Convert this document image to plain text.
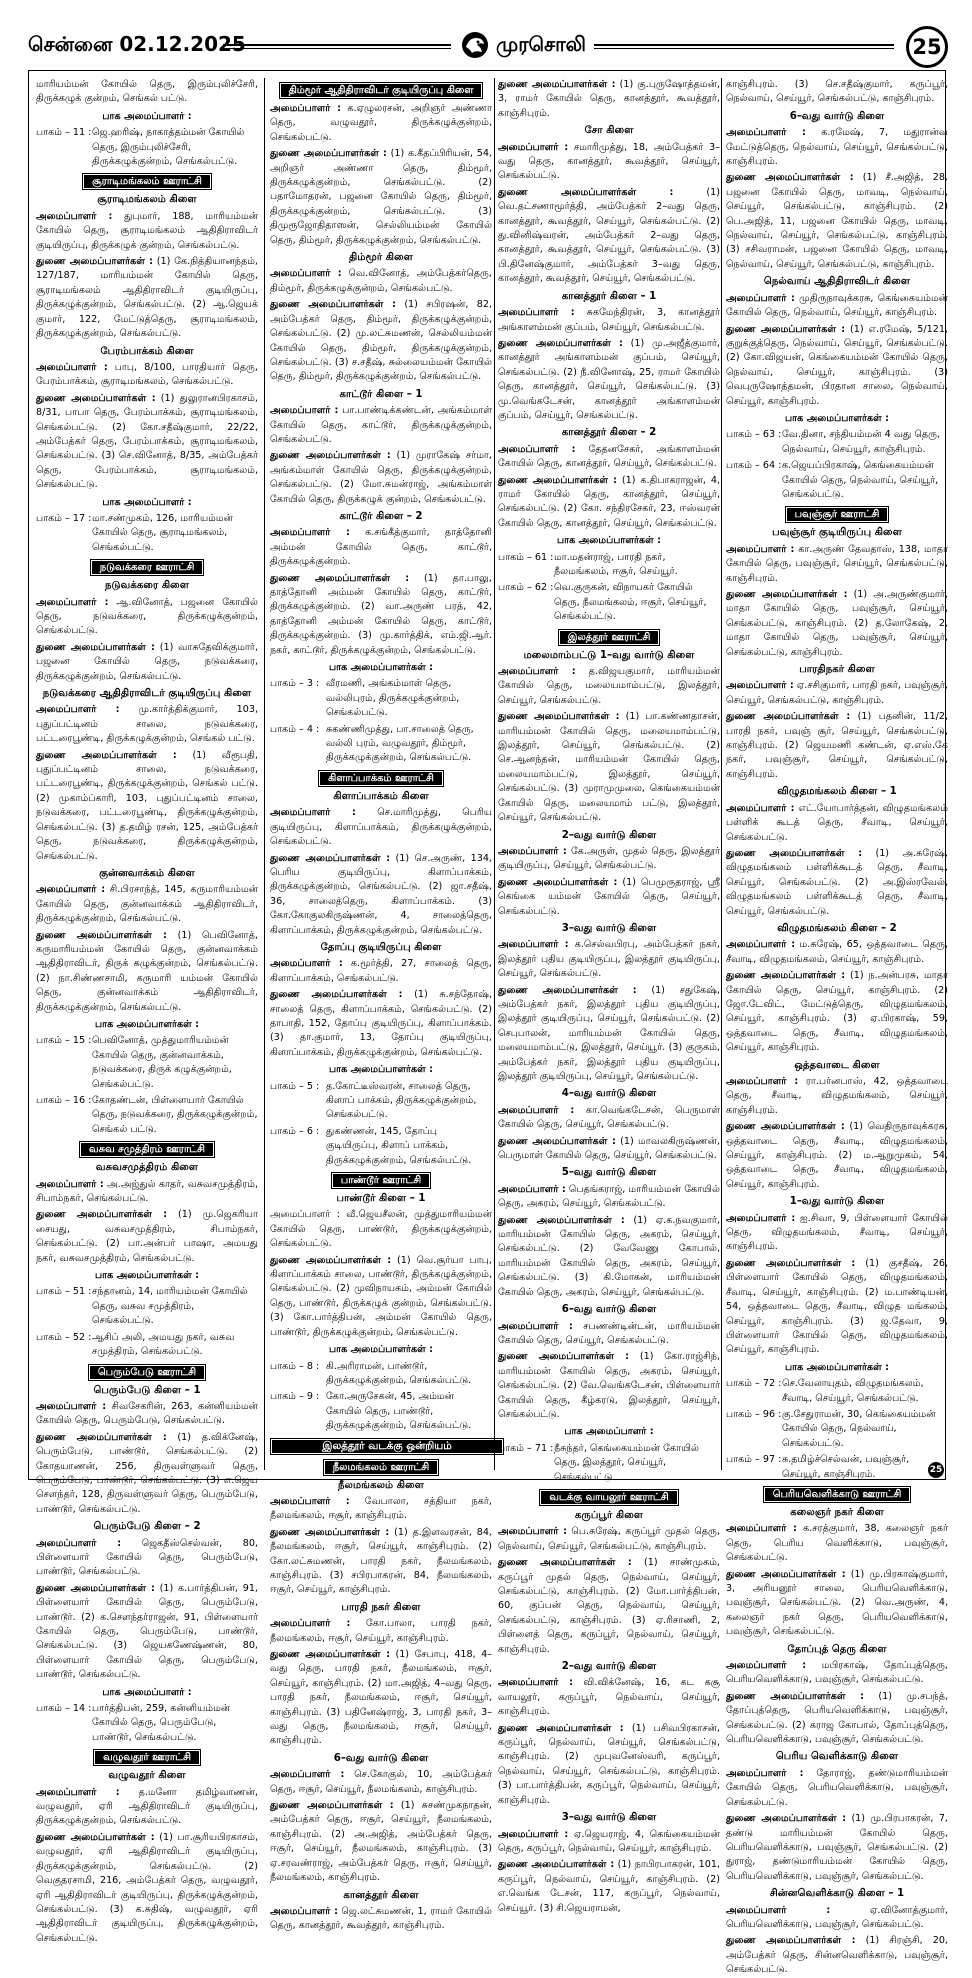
சென்னை 02.12.2025	முரசொலி	25
மாரியம்மன் கோயில் தெரு, இரும்புலிச்சேரி, திருக்கழுக் குன்றம், செங்கல் பட்டு.
பாக அமைப்பாளர் :
பாகம் – 11 : ஜெ.ஹரிஷ், நாகாத்தம்மன் கோயில் தெரு, இரும்புலிச்சேரி, திருக்கழுக்குன்றம், செங்கல்பட்டு.
சூராடிமங்கலம் ஊராட்சி
சூராடிமங்கலம் கிளை
அமைப்பாளர் : துபுமார், 188, மாரியம்மன் கோயில் தெரு, சூராடிமங்கலம் ஆதிதிராவிடர் குடியிருப்பு, திருக்கழுக் குன்றம், செங்கல்பட்டு.
துணை அமைப்பாளர்கள் : (1) கே.நித்தியானந்தம், 127/187, மாரியம்மன் கோயில் தெரு, சூராடிமங்கலம் ஆதிதிராவிடர் குடியிருப்பு, திருக்கழுக்குன்றம், செங்கல்பட்டு. (2) ஆ.ஜெயக் குமார், 122, மேட்டுத்தெரு, சூராடிமங்கலம், திருக்கழுக்குன்றம், செங்கல்பட்டு.
பேரம்பாக்கம் கிளை
அமைப்பாளர் : பாபு, 8/100, பாரதியார் தெரு, பேரம்பாக்கம், சூராடிமங்கலம், செங்கல்பட்டு.
துணை அமைப்பாளர்கள் : (1) துலுரானபிரகாசம், 8/31, பாபா தெரு, பேரம்பாக்கம், சூராடிமங்கலம், செங்கல்பட்டு. (2) கோ.சதீஷ்குமார், 22/22, அம்பேத்கர் தெரு, பேரம்பாக்கம், சூராடிமங்கலம், செங்கல்பட்டு. (3) செ.வினோத், 8/35, அம்பேத்கர் தெரு, பேரம்பாக்கம், சூராடிமங்கலம், செங்கல்பட்டு.
பாக அமைப்பாளர் :
பாகம் – 17 : மா.சண்முகம், 126, மாரியம்மன் கோயில் தெரு, சூராடிமங்கலம், செங்கல்பட்டு.
நடுவக்கரை ஊராட்சி
நடுவக்கரை கிளை
அமைப்பாளர் : ஆ.வினோத், பஜனை கோயில் தெரு, நடுவக்கரை, திருக்கழுக்குன்றம், செங்கல்பட்டு.
துணை அமைப்பாளர்கள் : (1) வாசுதேவிக்குமார், பஜனை கோயில் தெரு, நடுவக்கரை, திருக்கழுக்குன்றம், செங்கல்பட்டு.
நடுவக்கரை ஆதிதிராவிடர் குடியிருப்பு கிளை
அமைப்பாளர் : மு.கார்த்திக்குமார், 103, புதுப்பட்டினம் சாலை, நடுவக்கரை, பட்டரைபூண்டி, திருக்கழுக்குன்றம், செங்கல் பட்டு.
துணை அமைப்பாளர்கள் : (1) வீரூபதி, புதுப்பட்டினம் சாலை, நடுவக்கரை, பட்டரைபூண்டி, திருக்கழுக்குன்றம், செங்கல் பட்டு. (2) முகாம்ப்காரி, 103, புதுப்பட்டினம் சாலை, நடுவக்கரை, பட்டரைபூண்டி, திருக்கழுக்குன்றம், செங்கல்பட்டு. (3) த.தமிழ் ரசன், 125, அம்பேத்கர் தெரு, நடுவக்கரை, திருக்கழுக்குன்றம், செங்கல்பட்டு.
குன்னவாக்கம் கிளை
அமைப்பாளர் : சி.பிரசாந்த், 145, கருமாரியம்மன் கோயில் தெரு, குன்னவாக்கம் ஆதிதிராவிடர், திருக்கழுக்குன்றம், செங்கல்பட்டு.
துணை அமைப்பாளர்கள் : (1) பெவினோத், கருமாரியம்மன் கோயில் தெரு, குன்னவாக்கம் ஆதிதிராவிடர், திருக் கழுக்குன்றம், செங்கல்பட்டு. (2) நா.சிண்ணசாமி, கருமாரி யம்மன் கோயில் தெரு, குன்னவாக்கம் ஆதிதிராவிடர், திருக்கழுக்குன்றம், செங்கல்பட்டு.
பாக அமைப்பாளர்கள் :
பாகம் – 15 : பெவினோத், முத்துமாரியம்மன் கோயில் தெரு, குன்னவாக்கம், நடுவக்கரை, திருக் கழுக்குன்றம், செங்கல்பட்டு.
பாகம் – 16 : கோதண்டன், பிள்ளையார் கோயில் தெரு, நடுவக்கரை, திருக்கழுக்குன்றம், செங்கல் பட்டு.
வசுவ சமுத்திரம் ஊராட்சி
வசுவசமுத்திரம் கிளை
அமைப்பாளர் : அ.அஜ்துல் காதர், வசுவசமுத்திரம், சிபாம்நகர், செங்கல்பட்டு.
துணை அமைப்பாளர்கள் : (1) மு.ஜெகரியா சையது, வசுவசமுத்திரம், சிபாம்நகர், செங்கல்பட்டு. (2) பா.அன்பர் பாஷா, அமயது நகர், வசுவசமுத்திரம், செங்கல்பட்டு.
பாக அமைப்பாளர்கள் :
பாகம் – 51 : சந்தானம், 14, மாரியம்மன் கோயில் தெரு, வசுவ சமுத்திரம், செங்கல்பட்டு.
பாகம் – 52 : ஆசிப் அலி, அமயது நகர், வசுவ சமுத்திரம், செங்கல்பட்டு.
பெரும்பேடு ஊராட்சி
பெரும்பேடு கிளை – 1
அமைப்பாளர் : சிவசேகரின், 263, கன்னியம்மன் கோயில் தெரு, பெரும்பேடு, செங்கல்பட்டு.
துணை அமைப்பாளர்கள் : (1) த.விக்னேஷ், பெரும்பேடு, பாண்டூர், செங்கல்பட்டு. (2) கோதயாணன், 256, திருவள்ளுவர் தெரு, பெரும்பேடு, பாண்டூர், செங்கல்பட்டு. (3) எ.ஜெய சௌந்தர், 128, திருவள்ளுவர் தெரு, பெரும்பேடு, பாண்டூர், செங்கல்பட்டு.
பெரும்பேடு கிளை – 2
அமைப்பாளர் : ஜெகதீஸ்செல்வன், 80, பிள்ளையார் கோயில் தெரு, பெரும்பேடு, பாண்டூர், செங்கல்பட்டு.
துணை அமைப்பாளர்கள் : (1) க.பார்த்திபன், 91, பிள்ளையார் கோயில் தெரு, பெரும்பேடு, பாண்டூர். (2) க.சௌந்தர்ராஜன், 91, பிள்ளையார் கோயில் தெரு, பெரும்பேடு, பாண்டூர், செங்கல்பட்டு. (3) ஜெயகணேஷ்ணன், 80, பிள்ளையார் கோயில் தெரு, பெரும்பேடு, பாண்டூர், செங்கல்பட்டு.
பாக அமைப்பாளர் :
பாகம் – 14 : பார்த்திபன், 259, கன்னியம்மன் கோயில் தெரு, பெரும்பேடு, பாண்டூர், செங்கல்பட்டு.
வழுவதூர் ஊராட்சி
வழுவதூர் கிளை
அமைப்பாளர் : த.மனோ தமிழ்வாணன், வழுவதூர், ஏரி ஆதிதிராவிடர் குடியிருப்பு, திருக்கழுக்குன்றம், செங்கல்பட்டு.
துணை அமைப்பாளர்கள் : (1) பா.சூரியபிரகாசம், வழுவதூர், ஏரி ஆதிதிராவிடர் குடியிருப்பு, திருக்கழுக்குன்றம், செங்கல்பட்டு. (2) வெகுதரசாமி, 216, அம்பேத்கர் தெரு, வழுவதூர், ஏரி ஆதிதிராவிடர் குடியிருப்பு, திருக்கழுக்குன்றம், செங்கல்பட்டு. (3) க.சுதிஷ், வழுவதூர், ஏரி ஆதிதிராவிடர் குடியிருப்பு, திருக்கழுக்குன்றம், செங்கல்பட்டு.
திம்மூர் ஆதிதிராவிடர் குடியிருப்பு கிளை
அமைப்பாளர் : க.ஏழுலரசன், அறிஞர் அண்ணா தெரு, வழுவதூர், திருக்கழுக்குன்றம், செங்கல்பட்டு.
துணை அமைப்பாளர்கள் : (1) க.கீதப்பிரியன், 54, அறிஞர் அண்ணா தெரு, திம்மூர், திருக்கழுக்குன்றம், செங்கல்பட்டு. (2) பதாமோதரன், பஜனை கோயில் தெரு, திம்மூர், திருக்கழுக்குன்றம், செங்கல்பட்டு. (3) திமுரூஜோதிதாஸன், செல்லியம்மன் கோயில் தெரு, திம்மூர், திருக்கழுக்குன்றம், செங்கல்பட்டு.
திம்மூர் கிளை
அமைப்பாளர் : வெ.வினோத், அம்பேத்கர்தெரு, திம்மூர், திருக்கழுக்குன்றம், செங்கல்பட்டு.
துணை அமைப்பாளர்கள் : (1) சபிரஷன், 82, அம்பேத்கர் தெரு, திம்மூர், திருக்கழுக்குன்றம், செங்கல்பட்டு. (2) மு.லட்சுமணன், செல்லியம்மன் கோயில் தெரு, திம்மூர், திருக்கழுக்குன்றம், செங்கல்பட்டு. (3) ச.சதீஷ், சுல்லையம்மன் கோயில் தெரு, திம்மூர், திருக்கழுக்குன்றம், செங்கல்பட்டு.
காட்டூர் கிளை – 1
அமைப்பாளர் : பா.பாண்டிக்கண்டன், அங்கம்மாள் கோயில் தெரு, காட்டூர், திருக்கழுக்குன்றம், செங்கல்பட்டு.
துணை அமைப்பாளர்கள் : (1) முராகேஷ் சர்மா, அங்கம்மாள் கோயில் தெரு, திருக்கழுக்குன்றம், செங்கல்பட்டு. (2) மோ.சுமன்ராஜ், அங்கம்மாள் கோயில் தெரு, திருக்கழுக் குன்றம், செங்கல்பட்டு.
காட்டூர் கிளை – 2
அமைப்பாளர் : க.சங்கீத்குமார், தாத்தோனி அம்மன் கோயில் தெரு, காட்டூர், திருக்கழுக்குன்றம்.
துணை அமைப்பாளர்கள் : (1) தா.பாலு, தாத்தோனி அம்மன் கோயில் தெரு, காட்டூர், திருக்கழுக்குன்றம். (2) வா.அருண் பரத், 42, தாத்தோனி அம்மன் கோயில் தெரு, காட்டூர், திருக்கழுக்குன்றம். (3) மு.கார்த்திக், எம்.ஜி.ஆர். நகர், காட்டூர், திருக்கழுக்குன்றம், செங்கல்பட்டு.
பாக அமைப்பாளர்கள் :
பாகம் – 3 : வீரமணி, அங்கம்மாள் தெரு, வல்லிபுரம், திருக்கழுக்குன்றம், செங்கல்பட்டு.
பாகம் – 4 : சுகண்ணிமுத்து, பா.சாலைத் தெரு, வல்லி புரம், வழுவதூர், திம்மூர், திருக்கழுக்குன்றம், செங்கல்பட்டு.
கிளாப்பாக்கம் ஊராட்சி
கிளாப்பாக்கம் கிளை
அமைப்பாளர் : செ.மாரிமுத்து, பெரிய குடியிருப்பு, கிளாப்பாக்கம், திருக்கழுக்குன்றம், செங்கல்பட்டு.
துணை அமைப்பாளர்கள் : (1) செ.அருண், 134, பெரிய குடியிருப்பு, கிளாப்பாக்கம், திருக்கழுக்குன்றம், செங்கல்பட்டு. (2) ஜா.சதீஷ், 36, சாலைத்தெரு, கிளாப்பாக்கம். (3) கோ.கோகுலகிருஷ்ணன், 4, சாலைத்தெரு, கிளாப்பாக்கம், திருக்கழுக்குன்றம், செங்கல்பட்டு.
தோப்பு குடியிருப்பு கிளை
அமைப்பாளர் : க.மூர்த்தி, 27, சாலைத் தெரு, கிளாப்பாக்கம், செங்கல்பட்டு.
துணை அமைப்பாளர்கள் : (1) சு.சந்தோஷ், சாலைத் தெரு, கிளாப்பாக்கம், செங்கல்பட்டு. (2) தாபாதி, 152, தோப்பு குடியிருப்பு, கிளாப்பாக்கம். (3) தா.குமார், 13, தோப்பு குடியிருப்பு, கிளாப்பாக்கம், திருக்கழுக்குன்றம், செங்கல்பட்டு.
பாக அமைப்பாளர்கள் :
பாகம் – 5 : த.கோட்டீஸ்வரன், சாலைத் தெரு, கிளாப் பாக்கம், திருக்கழுக்குன்றம், செங்கல்பட்டு.
பாகம் – 6 : துகண்ணன், 145, தோப்பு குடியிருப்பு, கிளாப் பாக்கம், திருக்கழுக்குன்றம், செங்கல்பட்டு.
பாண்டூர் ஊராட்சி
பாண்டூர் கிளை – 1
அமைப்பாளர் : வீ.ஜெயசீலன், முத்துமாரியம்மன் கோயில் தெரு, பாண்டூர், திருக்கழுக்குன்றம், செங்கல்பட்டு.
துணை அமைப்பாளர்கள் : (1) வெ.சூர்யா பாபு, கிளாப்பாக்கம் சாலை, பாண்டூர், திருக்கழுக்குன்றம், செங்கல்பட்டு. (2) முவிநாயகம், அம்மன் கோயில் தெரு, பாண்டூர், திருக்கழுக் குன்றம், செங்கல்பட்டு. (3) கோ.பார்த்திபன், அம்மன் கோயில் தெரு, பாண்டூர், திருக்கழுக்குன்றம், செங்கல்பட்டு.
பாக அமைப்பாளர்கள் :
பாகம் – 8 : கி.அரிராமன், பாண்டூர், திருக்கழுக்குன்றம், செங்கல்பட்டு.
பாகம் – 9 : கோ.அருசேகன், 45, அம்மன் கோயில் தெரு, பாண்டூர், திருக்கழுக்குன்றம், செங்கல்பட்டு.
இலத்தூர் வடக்கு ஒன்றியம்
நீலமங்கலம் ஊராட்சி
நீலமங்கலம் கிளை
அமைப்பாளர் : வேபாலா, சத்தியா நகர், நீலமங்கலம், ஈசூர், காஞ்சிபுரம்.
துணை அமைப்பாளர்கள் : (1) த.இளவரசன், 84, நீலமங்கலம், ஈசூர், செய்யூர், காஞ்சிபுரம். (2) கோ.லட்சுமணன், பாரதி நகர், நீலமங்கலம், காஞ்சிபுரம். (3) சபிரபாகரன், 84, நீலமங்கலம், ஈசூர், செய்யூர், காஞ்சிபுரம்.
பாரதி நகர் கிளை
அமைப்பாளர் : கோ.பாலா, பாரதி நகர், நீலமங்கலம், ஈசூர், செய்யூர், காஞ்சிபுரம்.
துணை அமைப்பாளர்கள் : (1) சேபாபு, 418, 4–வது தெரு, பாரதி நகர், நீலமங்கலம், ஈசூர், செய்யூர், காஞ்சிபுரம். (2) மா.அஜித், 4–வது தெரு, பாரதி நகர், நீலமங்கலம், ஈசூர், செய்யூர், காஞ்சிபுரம். (3) பதினேஷ்ராஜ், 3, பாரதி நகர், 3–வது தெரு, நீலமங்கலம், ஈசூர், செய்யூர், காஞ்சிபுரம்.
6–வது வார்டு கிளை
அமைப்பாளர் : செ.கோகுல், 10, அம்பேத்கர் தெரு, ஈசூர், செய்யூர், நீலமங்கலம், காஞ்சிபுரம்.
துணை அமைப்பாளர்கள் : (1) சுசண்முகநாதன், அம்பேத்கர் தெரு, ஈசூர், செய்யூர், நீலமங்கலம், காஞ்சிபுரம். (2) அ.அஜித், அம்பேத்கர் தெரு, ஈசூர், செய்யூர், நீலமங்கலம், காஞ்சிபுரம். (3) ஏ.சரவண்ராஜ், அம்பேத்கர் தெரு, ஈசூர், செய்யூர், நீலமங்கலம், காஞ்சிபுரம்.
கானத்தூர் கிளை
அமைப்பாளர் : ஜெ.லட்சுமணன், 1, ராமர் கோயில் தெரு, கானத்தூர், கூவத்தூர், காஞ்சிபுரம்.
துணை அமைப்பாளர்கள் : (1) கு.புருஷோத்தமன், 3, ராமர் கோயில் தெரு, கானத்தூர், கூவத்தூர், காஞ்சிபுரம்.
சோ கிளை
அமைப்பாளர் : சமாரிமுத்து, 18, அம்பேத்கர் 3–வது தெரு, கானத்தூர், கூவத்தூர், செய்யூர், செங்கல்பட்டு.
துணை அமைப்பாளர்கள் :	(1) வெ.தட்சணாமூர்த்தி, அம்பேத்கர் 2–வது தெரு, கானத்தூர், கூவத்தூர், செய்யூர், செங்கல்பட்டு. (2) து.வினிஷ்வரன், அம்பேத்கர் 2–வது தெரு, கானத்தூர், கூவத்தூர், செய்யூர், செங்கல்பட்டு. (3) பி.தினேஷ்குமார், அம்பேத்கர் 3–வது தெரு, கானத்தூர், கூவத்தூர், செய்யூர், செங்கல்பட்டு.
கானத்தூர் கிளை – 1
அமைப்பாளர் : சுகமேந்திரன், 3, கானத்தூர் அங்காளம்மன் குப்பம், செய்யூர், செங்கல்பட்டு.
துணை அமைப்பாளர்கள் : (1) மு.அஜீத்குமார், கானத்தூர் அங்காளம்மன் குப்பம், செய்யூர், செங்கல்பட்டு. (2) நீ.வினோஷ், 25, ராமர் கோயில் தெரு, கானத்தூர், செய்யூர், செங்கல்பட்டு. (3) மு.வெங்கடேசன், கானத்தூர் அங்காளம்மன் குப்பம், செய்யூர், செங்கல்பட்டு.
கானத்தூர் கிளை – 2
அமைப்பாளர் : தேதனசேகர், அங்காளம்மன் கோயில் தெரு, கானத்தூர், செய்யூர், செங்கல்பட்டு.
துணை அமைப்பாளர்கள் : (1) க.திபாகராஜன், 4, ராமர் கோயில் தெரு, கானத்தூர், செய்யூர், செங்கல்பட்டு. (2) கோ. சந்திரசேகர், 23, ஈஸ்வரன் கோயில் தெரு, கானத்தூர், செய்யூர், செங்கல்பட்டு.
பாக அமைப்பாளர்கள் :
பாகம் – 61 : மா.மதன்ராஜ், பாரதி நகர், நீலமங்கலம், ஈசூர், செய்யூர்.
பாகம் – 62 : வெ.குருகன், விநாயகர் கோயில் தெரு, நீலமங்கலம், ஈசூர், செய்யூர், செங்கல்பட்டு.
இலத்தூர் ஊராட்சி
மலைமாம்பட்டு 1–வது வார்டு கிளை
அமைப்பாளர் : த.விஜயகுமார், மாரியம்மன் கோயில் தெரு, மலையமாம்பட்டு, இலத்தூர், செய்யூர், செங்கல்பட்டு.
துணை அமைப்பாளர்கள் : (1) பா.கண்ணதாசன், மாரியம்மன் கோயில் தெரு, மலையமாம்பட்டு, இலத்தூர், செய்யூர், செங்கல்பட்டு. (2) செ.ஆனந்தன், மாரியம்மன் கோயில் தெரு, மலையமாம்பட்டு, இலத்தூர், செய்யூர், செங்கல்பட்டு. (3) முராமுமுலை, கெங்கையம்மன் கோயில் தெரு, மலையமாம் பட்டு, இலத்தூர், செய்யூர், செங்கல்பட்டு.
2–வது வார்டு கிளை
அமைப்பாளர் : கே.அருள், முதல் தெரு, இலத்தூர் குடியிருப்பு, செய்யூர், செங்கல்பட்டு.
துணை அமைப்பாளர்கள் : (1) பெமுருதராஜ், ஸ்ரீ கெங்கை யம்மன் கோயில் தெரு, செய்யூர், செங்கல்பட்டு.
3–வது வார்டு கிளை
அமைப்பாளர் : க.செல்வபிரபு, அம்பேத்கர் நகர், இலத்தூர் புதிய குடியிருப்பு, இலத்தூர் குடியிருப்பு, செய்யூர், செங்கல்பட்டு.
துணை அமைப்பாளர்கள் : (1) சதுகேஷ், அம்பேத்கர் நகர், இலத்தூர் புதிய குடியிருப்பு, இலத்தூர் குடியிருப்பு, செய்யூர், செங்கல்பட்டு. (2) செபுபாலன், மாரியம்மன் கோயில் தெரு, மலையமாம்பட்டு, இலத்தூர், செய்யூர். (3) குருகம், அம்பேத்கர் நகர், இலத்தூர் புதிய குடியிருப்பு, இலத்தூர் குடியிருப்பு, செய்யூர், செங்கல்பட்டு.
4–வது வார்டு கிளை
அமைப்பாளர் : கா.வெங்கடேசன், பெருமாள் கோயில் தெரு, செய்யூர், செங்கல்பட்டு.
துணை அமைப்பாளர்கள் : (1) மாவலகிருஷ்ணன், பெருமாள் கோயில் தெரு, செய்யூர், செங்கல்பட்டு.
5–வது வார்டு கிளை
அமைப்பாளர் : பெதங்கராஜ், மாரியம்மன் கோயில் தெரு, அகரம், செய்யூர், செங்கல்பட்டு.
துணை அமைப்பாளர்கள் : (1) ஏ.க.நவகுமார், மாரியம்மன் கோயில் தெரு, அகரம், செய்யூர், செங்கல்பட்டு. (2) வேவேணு கோபால், மாரியம்மன் கோயில் தெரு, அகரம், செய்யூர், செங்கல்பட்டு. (3) கி.மோகன், மாரியம்மன் கோயில் தெரு, அகரம், செய்யூர், செங்கல்பட்டு.
6–வது வார்டு கிளை
அமைப்பாளர் : சபணண்டின்டன், மாரியம்மன் கோயில் தெரு, செய்யூர், செங்கல்பட்டு.
துணை அமைப்பாளர்கள் : (1) கோ.ராஜ்சிந், மாரியம்மன் கோயில் தெரு, அகரம், செய்யூர், செங்கல்பட்டு. (2) வே.வெங்கடேசன், பிள்ளையார் கோயில் தெரு, கீழ்கரடு, இலத்தூர், செய்யூர், செங்கல்பட்டு.
பாக அமைப்பாளர் :
பாகம் – 71 : நீசுந்தர், கெங்கையம்மன் கோயில் தெரு, இலத்தூர், செய்யூர், செங்கல்பட்டு.
வடக்கு வாயலூர் ஊராட்சி
கருப்பூர் கிளை
அமைப்பாளர் : பெ.சுரேஷ், கருப்பூர் முதல் தெரு, நெல்வாய், செய்யூர், செங்கல்பட்டு, காஞ்சிபுரம்.
துணை அமைப்பாளர்கள் : (1) சாண்முகம், கருப்பூர் முதல் தெரு, நெல்வாய், செய்யூர், செங்கல்பட்டு, காஞ்சிபுரம். (2) மோ.பார்த்திபன், 60, குப்பன் தெரு, நெல்வாய், செய்யூர், செங்கல்பட்டு, காஞ்சிபுரம். (3) ஏ.ரிசாணி, 2, பிள்ளைத் தெரு, கருப்பூர், நெல்வாய், செய்யூர், காஞ்சிபுரம்.
2–வது வார்டு கிளை
அமைப்பாளர் : வி.விக்னேஷ், 16, கட கசூ வாயலூர், கருப்பூர், நெல்வாய், செய்யூர், காஞ்சிபுரம்.
துணை அமைப்பாளர்கள் : (1) பசிவபிரகாசன், கருப்பூர், நெல்வாய், செய்யூர், செங்கல்பட்டு, காஞ்சிபுரம். (2) முபுவனேஸ்வரி, கருப்பூர், நெல்வாய், செய்யூர், செங்கல்பட்டு, காஞ்சிபுரம். (3) பா.பார்த்திபன், கருப்பூர், நெல்வாய், செய்யூர், காஞ்சிபுரம்.
3–வது வார்டு கிளை
அமைப்பாளர் : ஏ.ஜெயராஜ், 4, கெங்கையம்மன் தெரு, கருப்பூர், நெல்வாய், செய்யூர், காஞ்சிபுரம்.
துணை அமைப்பாளர்கள் : (1) நாபிரபாகரன், 101, கருப்பூர், நெல்வாய், செய்யூர், காஞ்சிபுரம். (2) எ.வெங்க டேசன், 117, கருப்பூர், நெல்வாய், செய்யூர். (3) சி.ஜெயராமன்,
காஞ்சிபுரம். (3) செ.சதீஷ்குமார், கருப்பூர், நெல்வாய், செய்யூர், செங்கல்பட்டு, காஞ்சிபுரம்.
6–வது வார்டு கிளை
அமைப்பாளர் : க.ரமேஷ், 7, மதுரான்வ மேட்டுத்தெரு, நெல்வாய், செய்யூர், செங்கல்பட்டு, காஞ்சிபுரம்.
துணை அமைப்பாளர்கள் : (1) சீ.அஜித், 28, பஜனை கோயில் தெரு, மாவடி, நெல்வாய், செய்யூர், செங்கல்பட்டு, காஞ்சிபுரம். (2) பெ.அஜித், 11, பஜனை கோயில் தெரு, மாவடி, நெல்வாய், செய்யூர், செங்கல்பட்டு, காஞ்சிபுரம். (3) சசிவராமன், பஜனை கோயில் தெரு, மாவடி, நெல்வாய், செய்யூர், செங்கல்பட்டு, காஞ்சிபுரம்.
நெல்வாய் ஆதிதிராவிடர் கிளை
அமைப்பாளர் : முதிருநாவுக்கரசு, கெங்கையம்மன் கோயில் தெரு, நெல்வாய், செய்யூர், காஞ்சிபுரம்.
துணை அமைப்பாளர்கள் : (1) எ.ரமேஷ், 5/121, குறுக்குத்தெரு, நெல்வாய், செய்யூர், செங்கல்பட்டு. (2) கோ.விஜயன், கெங்கையம்மன் கோயில் தெரு, நெல்வாய், செய்யூர், காஞ்சிபுரம். (3) வெபுருஷோத்தமன், பிரதான சாலை, நெல்வாய், செய்யூர், காஞ்சிபுரம்.
பாக அமைப்பாளர்கள் :
பாகம் – 63 : வே.தினா, சந்தியம்மன் 4 வது தெரு, நெல்வாய், செய்யூர், காஞ்சிபுரம்.
பாகம் – 64 : க.ஜெயப்பிரகாஷ், கெங்கையம்மன் கோயில் தெரு, நெல்வாய், செய்யூர், செங்கல்பட்டு.
பவுஞ்சூர் ஊராட்சி
பவுஞ்சூர் குடியிருப்பு கிளை
அமைப்பாளர் : கா.அருண் தேவதாஸ், 138, மாதா கோயில் தெரு, பவுஞ்சூர், செய்யூர், செங்கல்பட்டு, காஞ்சிபுரம்.
துணை அமைப்பாளர்கள் : (1) அ.அருண்குமார், மாதா கோயில் தெரு, பவுஞ்சூர், செய்யூர், செங்கல்பட்டு, காஞ்சிபுரம். (2) த.லோகேஷ், 2, மாதா கோயில் தெரு, பவுஞ்சூர், செய்யூர், செங்கல்பட்டு, காஞ்சிபுரம்.
பாரதிநகர் கிளை
அமைப்பாளர் : ஏ.சசிகுமார், பாரதி நகர், பவுஞ்சூர், செய்யூர், செங்கல்பட்டு, காஞ்சிபுரம்.
துணை அமைப்பாளர்கள் : (1) பதனின், 11/2, பாரதி நகர், பவுஞ் சூர், செய்யூர், செங்கல்பட்டு, காஞ்சிபுரம். (2) ஜெயமணி கண்டன், ஏ.எஸ்.கே நகர், பவுஞ்சூர், செய்யூர், செங்கல்பட்டு, காஞ்சிபுரம்.
விழுதமங்கலம் கிளை – 1
அமைப்பாளர் : எட்.யோபார்த்தன், விழுதமங்கலம் பள்ளிக் கூடத் தெரு, சீவாடி, செய்யூர், செங்கல்பட்டு.
துணை அமைப்பாளர்கள் : (1) அ.சுரேஷ், விழுதமங்கலம் பள்ளிக்கூடத் தெரு, சீவாடி, செய்யூர், செங்கல்பட்டு. (2) அ.இஸ்ரவேல், விழுதமங்கலம் பள்ளிக்கூடத் தெரு, சீவாடி, செய்யூர், செங்கல்பட்டு.
விழுதமங்கலம் கிளை – 2
அமைப்பாளர் : ம.சுரேஷ், 65, ஒத்தவாடை தெரு, சீவாடி, விழுதமங்கலம், செய்யூர், காஞ்சிபுரம்.
துணை அமைப்பாளர்கள் : (1) ந.அன்பரசு, மாதா கோயில் தெரு, செய்யூர், காஞ்சிபுரம். (2) ஜோ.டேவிட், மேட்டுத்தெரு, விழுதமங்கலம், செய்யூர், காஞ்சிபுரம். (3) ஏ.பிரகாஷ், 59, ஒத்தவாடை தெரு, சீவாடி, விழுதமங்கலம், செய்யூர், காஞ்சிபுரம்.
ஒத்தவாடை கிளை
அமைப்பாளர் : ரா.பர்னபாஸ், 42, ஒத்தவாடை தெரு, சீவாடி, விழுதமங்கலம், செய்யூர், காஞ்சிபுரம்.
துணை அமைப்பாளர்கள் : (1) வெதிருநாவுக்கரசு, ஒத்தவாடை தெரு, சீவாடி, விழுதமங்கலம், செய்யூர், காஞ்சிபுரம். (2) ம.ஆறுமுகம், 54, ஒத்தவாடை தெரு, சீவாடி, விழுதமங்கலம், செய்யூர், காஞ்சிபுரம்.
1–வது வார்டு கிளை
அமைப்பாளர் : ஐ.சிவா, 9, பிள்ளையார் கோயில் தெரு, விழுதமங்கலம், சீவாடி, செய்யூர், காஞ்சிபுரம்.
துணை அமைப்பாளர்கள் : (1) குசதீஷ், 26, பிள்ளையார் கோயில் தெரு, விழுதமங்கலம், சீவாடி, செய்யூர், காஞ்சிபுரம். (2) ம.பாண்டியன், 54, ஒத்தவாடை தெரு, சீவாடி, விழுத மங்கலம், செய்யூர், காஞ்சிபுரம். (3) ஜ.தேவா, 9, பிள்ளையார் கோயில் தெரு, விழுதமங்கலம், செய்யூர், காஞ்சிபுரம்.
பாக அமைப்பாளர்கள் :
பாகம் – 72 : செ.வேலாயுதம், விழுதமங்கலம், சீவாடி, செய்யூர், செங்கல்பட்டு.
பாகம் – 96 : கு.சேதுராமன், 30, கெங்கையம்மன் கோயில் தெரு, நெல்வாய், செங்கல்பட்டு.
பாகம் – 97 : சு.தமிழ்ச்செல்வன், பவுஞ்சூர், செய்யூர், காஞ்சிபுரம்.
பெரியவெளிக்காடு ஊராட்சி
கலைஞர் நகர் கிளை
அமைப்பாளர் : க.சரத்குமார், 38, கலைஞர் நகர் தெரு, பெரிய வெளிக்காடு, பவுஞ்சூர், செங்கல்பட்டு.
துணை அமைப்பாளர்கள் : (1) மு.பிரகாஷ்குமார், 3, அரியனூர் சாலை, பெரியவெளிக்காடு, பவுஞ்சூர், செங்கல்பட்டு. (2) வெ.அருண், 4, கலைஞர் நகர் தெரு, பெரியவெளிக்காடு, பவுஞ்சூர், செங்கல்பட்டு.
தோப்புத் தெரு கிளை
அமைப்பாளர் : மபிரகாஷ், தோப்புத்தெரு, பெரியவெளிக்காடு, பவுஞ்சூர், செங்கல்பட்டு.
துணை அமைப்பாளர்கள் : (1) மு.சபந்த், தோப்புத்தெரு, பெரியவெளிக்காடு, பவுஞ்சூர், செங்கல்பட்டு. (2) கராஜ கோபால், தோப்புத்தெரு, பெரியவெளிக்காடு, பவுஞ்சூர், செங்கல்பட்டு.
பெரிய வெளிக்காடு கிளை
அமைப்பாளர் : தோராஜ், தண்டுமாரியம்மன் கோயில் தெரு, பெரியவெளிக்காடு, பவுஞ்சூர், செங்கல்பட்டு.
துணை அமைப்பாளர்கள் : (1) மு.பிரபாகரன், 7, தண்டு மாரியம்மன் கோயில் தெரு, பெரியவெளிக்காடு, பவுஞ்சூர், செங்கல்பட்டு. (2) துராஜ், தண்டுமாரியம்மன் கோயில் தெரு, பெரியவெளிக்காடு, பவுஞ்சூர், செங்கல்பட்டு.
சின்னவெளிக்காடு கிளை – 1
அமைப்பாளர் :	ஏ.வினோத்குமார், பெரியவெளிக்காடு, பவுஞ்சூர், செங்கல்பட்டு.
துணை அமைப்பாளர்கள் : (1) சிரஞ்சி, 20, அம்பேத்கர் தெரு, சின்னவெளிக்காடு, பவுஞ்சூர், செங்கல்பட்டு.
25
